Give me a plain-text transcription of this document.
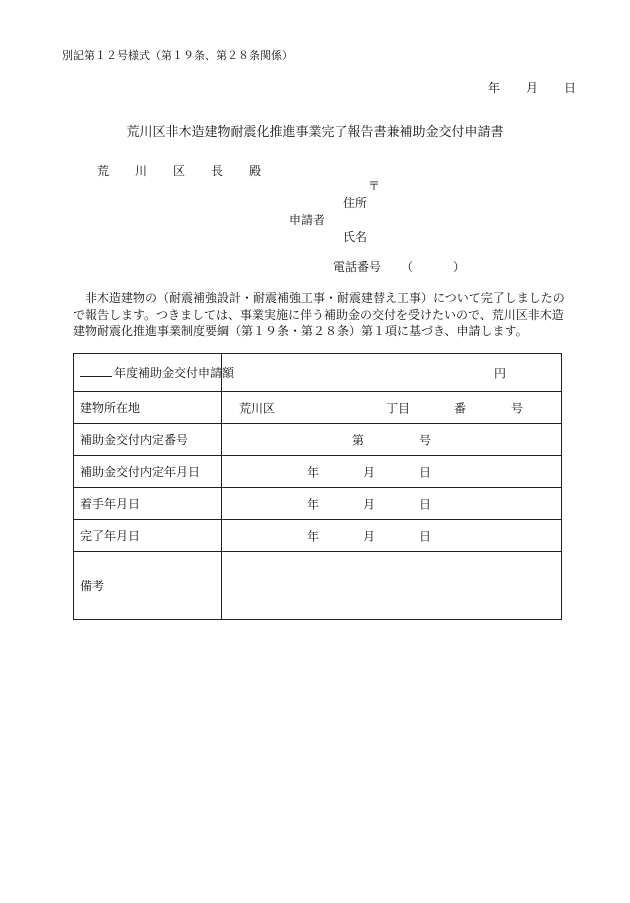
別記第１２号様式（第１９条、第２８条関係）
年 月 日
荒川区非木造建物耐震化推進事業完了報告書兼補助金交付申請書
荒 川 区 長 殿
〒
住所
申請者
氏名
電話番号 （	）
非木造建物の（耐震補強設計・耐震補強工事・耐震建替え工事）について完了しましたので報告します。つきましては、事業実施に伴う補助金の交付を受けたいので、荒川区非木造建物耐震化推進事業制度要綱（第１９条・第２８条）第１項に基づき、申請します。
年度補助金交付申請額	円

建物所在地	荒川区 丁目 番 号

補助金交付内定番号	第 号

補助金交付内定年月日	年 月 日

着手年月日	年 月 日

完了年月日	年 月 日

備考	
